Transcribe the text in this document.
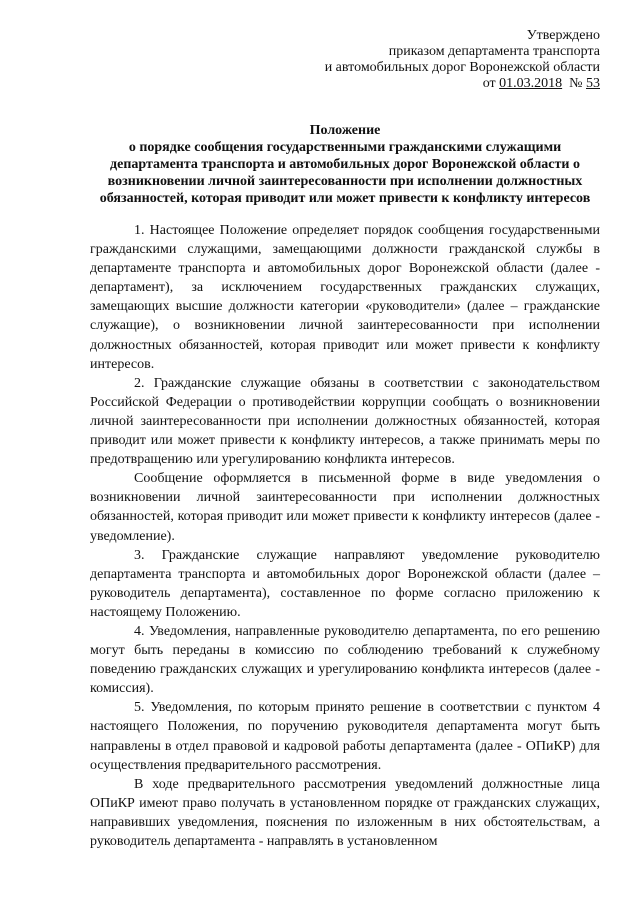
Утверждено
приказом департамента транспорта
и автомобильных дорог Воронежской области
от 01.03.2018  № 53
Положение
о порядке сообщения государственными гражданскими служащими
департамента транспорта и автомобильных дорог Воронежской области о
возникновении личной заинтересованности при исполнении должностных
обязанностей, которая приводит или может привести к конфликту интересов

1. Настоящее Положение определяет порядок сообщения государственными гражданскими служащими, замещающими должности гражданской службы в департаменте транспорта и автомобильных дорог Воронежской области (далее - департамент), за исключением государственных гражданских служащих, замещающих высшие должности категории «руководители» (далее – гражданские служащие), о возникновении личной заинтересованности при исполнении должностных обязанностей, которая приводит или может привести к конфликту интересов.

2. Гражданские служащие обязаны в соответствии с законодательством Российской Федерации о противодействии коррупции сообщать о возникновении личной заинтересованности при исполнении должностных обязанностей, которая приводит или может привести к конфликту интересов, а также принимать меры по предотвращению или урегулированию конфликта интересов.

Сообщение оформляется в письменной форме в виде уведомления о возникновении личной заинтересованности при исполнении должностных обязанностей, которая приводит или может привести к конфликту интересов (далее - уведомление).

3. Гражданские служащие направляют уведомление руководителю департамента транспорта и автомобильных дорог Воронежской области (далее – руководитель департамента), составленное по форме согласно приложению к настоящему Положению.

4. Уведомления, направленные руководителю департамента, по его решению могут быть переданы в комиссию по соблюдению требований к служебному поведению гражданских служащих и урегулированию конфликта интересов (далее - комиссия).

5. Уведомления, по которым принято решение в соответствии с пунктом 4 настоящего Положения, по поручению руководителя департамента могут быть направлены в отдел правовой и кадровой работы департамента (далее - ОПиКР) для осуществления предварительного рассмотрения.

В ходе предварительного рассмотрения уведомлений должностные лица ОПиКР имеют право получать в установленном порядке от гражданских служащих, направивших уведомления, пояснения по изложенным в них обстоятельствам, а руководитель департамента - направлять в установленном
